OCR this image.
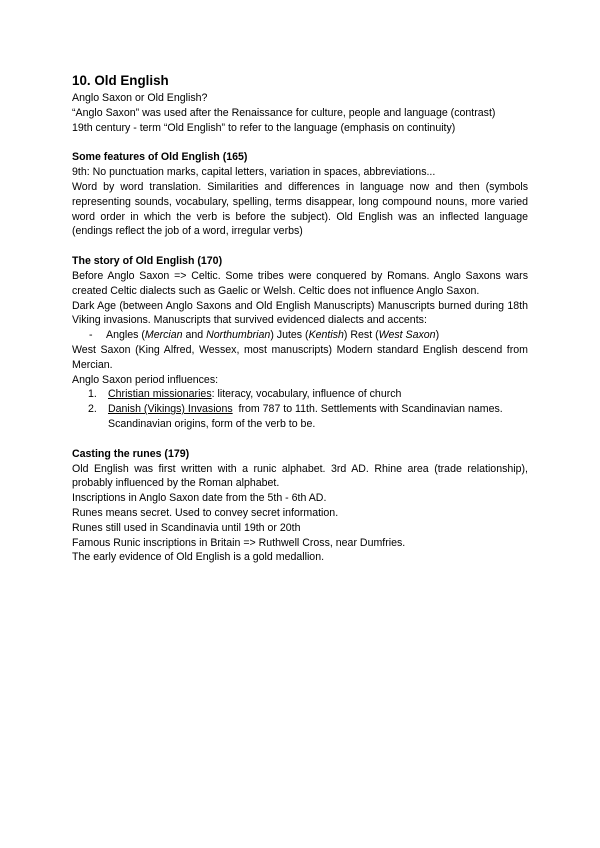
10. Old English

Anglo Saxon or Old English?

“Anglo Saxon” was used after the Renaissance for culture, people and language (contrast)

19th century - term “Old English” to refer to the language (emphasis on continuity)

Some features of Old English (165)

9th: No punctuation marks, capital letters, variation in spaces, abbreviations...

Word by word translation. Similarities and differences in language now and then (symbols representing sounds, vocabulary, spelling, terms disappear, long compound nouns, more varied word order in which the verb is before the subject). Old English was an inflected language (endings reflect the job of a word, irregular verbs)

The story of Old English (170)

Before Anglo Saxon => Celtic. Some tribes were conquered by Romans. Anglo Saxons wars created Celtic dialects such as Gaelic or Welsh. Celtic does not influence Anglo Saxon.

Dark Age (between Anglo Saxons and Old English Manuscripts) Manuscripts burned during 18th Viking invasions. Manuscripts that survived evidenced dialects and accents:

- Angles (Mercian and Northumbrian) Jutes (Kentish) Rest (West Saxon)

West Saxon (King Alfred, Wessex, most manuscripts) Modern standard English descend from Mercian.

Anglo Saxon period influences:

1. Christian missionaries: literacy, vocabulary, influence of church
2. Danish (Vikings) Invasions  from 787 to 11th. Settlements with Scandinavian names. Scandinavian origins, form of the verb to be.
Casting the runes (179)

Old English was first written with a runic alphabet. 3rd AD. Rhine area (trade relationship), probably influenced by the Roman alphabet.

Inscriptions in Anglo Saxon date from the 5th - 6th AD.

Runes means secret. Used to convey secret information.

Runes still used in Scandinavia until 19th or 20th

Famous Runic inscriptions in Britain => Ruthwell Cross, near Dumfries.

The early evidence of Old English is a gold medallion.
